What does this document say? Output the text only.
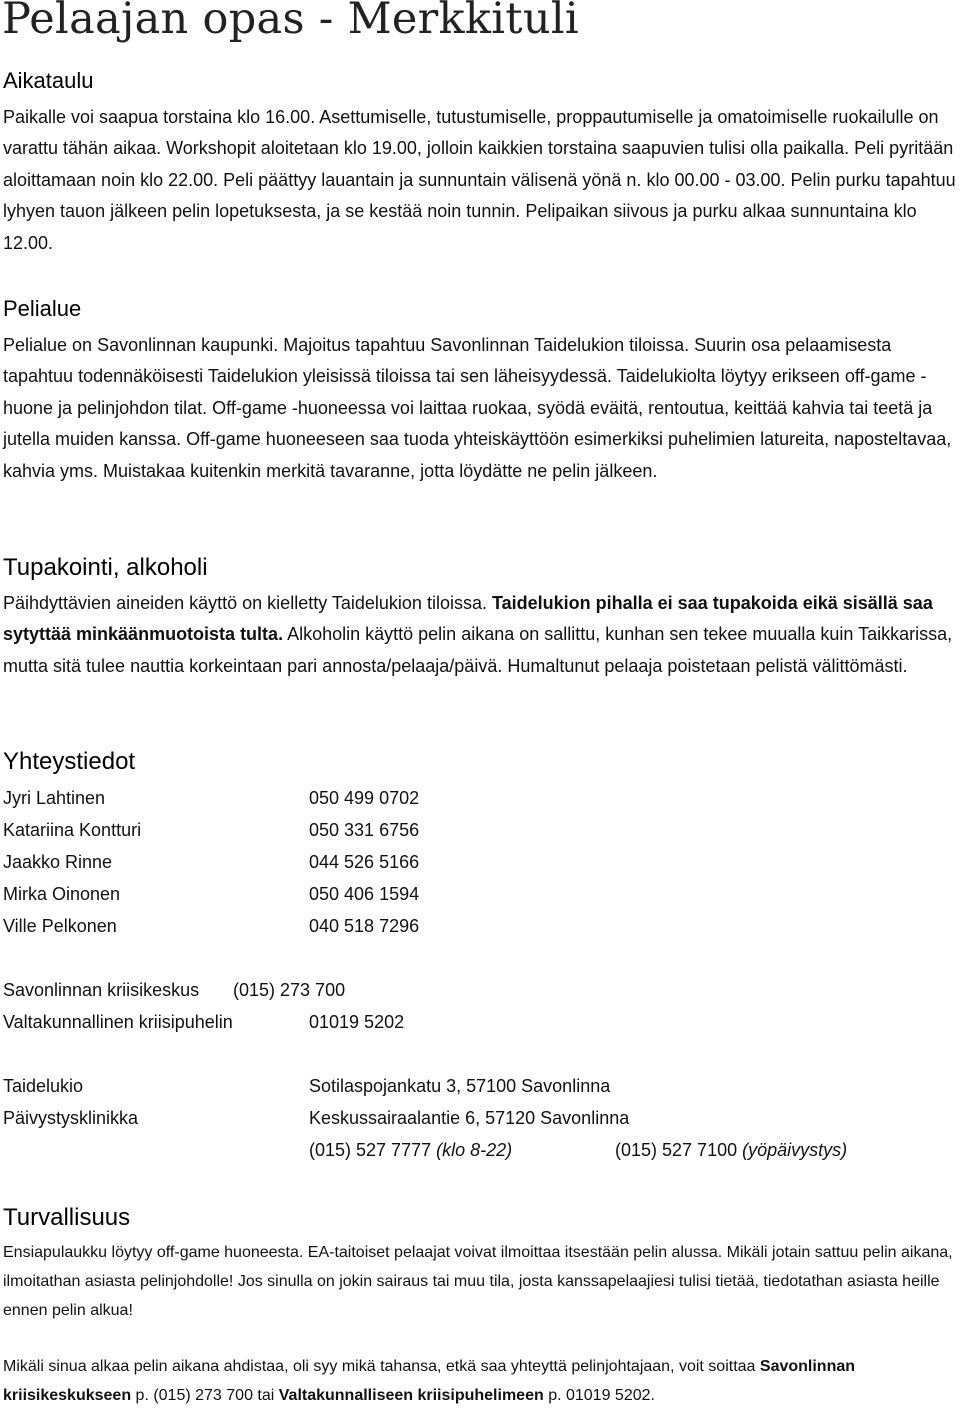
Pelaajan opas - Merkkituli
Aikataulu

Paikalle voi saapua torstaina klo 16.00. Asettumiselle, tutustumiselle, proppautumiselle ja omatoimiselle ruokailulle on varattu tähän aikaa. Workshopit aloitetaan klo 19.00, jolloin kaikkien torstaina saapuvien tulisi olla paikalla. Peli pyritään aloittamaan noin klo 22.00. Peli päättyy lauantain ja sunnuntain välisenä yönä n. klo 00.00 - 03.00. Pelin purku tapahtuu lyhyen tauon jälkeen pelin lopetuksesta, ja se kestää noin tunnin. Pelipaikan siivous ja purku alkaa sunnuntaina klo 12.00.

Pelialue

Pelialue on Savonlinnan kaupunki. Majoitus tapahtuu Savonlinnan Taidelukion tiloissa. Suurin osa pelaamisesta tapahtuu todennäköisesti Taidelukion yleisissä tiloissa tai sen läheisyydessä. Taidelukiolta löytyy erikseen off-game -huone ja pelinjohdon tilat. Off-game -huoneessa voi laittaa ruokaa, syödä eväitä, rentoutua, keittää kahvia tai teetä ja jutella muiden kanssa. Off-game huoneeseen saa tuoda yhteiskäyttöön esimerkiksi puhelimien latureita, naposteltavaa, kahvia yms. Muistakaa kuitenkin merkitä tavaranne, jotta löydätte ne pelin jälkeen.

Tupakointi, alkoholi

Päihdyttävien aineiden käyttö on kielletty Taidelukion tiloissa. Taidelukion pihalla ei saa tupakoida eikä sisällä saa sytyttää minkäänmuotoista tulta. Alkoholin käyttö pelin aikana on sallittu, kunhan sen tekee muualla kuin Taikkarissa, mutta sitä tulee nauttia korkeintaan pari annosta/pelaaja/päivä. Humaltunut pelaaja poistetaan pelistä välittömästi.

Yhteystiedot
Jyri Lahtinen	050 499 0702
Katariina Kontturi	050 331 6756
Jaakko Rinne	044 526 5166
Mirka Oinonen	050 406 1594
Ville Pelkonen	040 518 7296
Savonlinnan kriisikeskus (015) 273 700
Valtakunnallinen kriisipuhelin	01019 5202
Taidelukio	Sotilaspojankatu 3, 57100 Savonlinna
Päivystysklinikka	Keskussairaalantie 6, 57120 Savonlinna
(015) 527 7777 (klo 8-22)	(015) 527 7100 (yöpäivystys)
Turvallisuus

Ensiapulaukku löytyy off-game huoneesta. EA-taitoiset pelaajat voivat ilmoittaa itsestään pelin alussa. Mikäli jotain sattuu pelin aikana, ilmoitathan asiasta pelinjohdolle! Jos sinulla on jokin sairaus tai muu tila, josta kanssapelaajiesi tulisi tietää, tiedotathan asiasta heille ennen pelin alkua!

Mikäli sinua alkaa pelin aikana ahdistaa, oli syy mikä tahansa, etkä saa yhteyttä pelinjohtajaan, voit soittaa Savonlinnan kriisikeskukseen p. (015) 273 700 tai Valtakunnalliseen kriisipuhelimeen p. 01019 5202.
